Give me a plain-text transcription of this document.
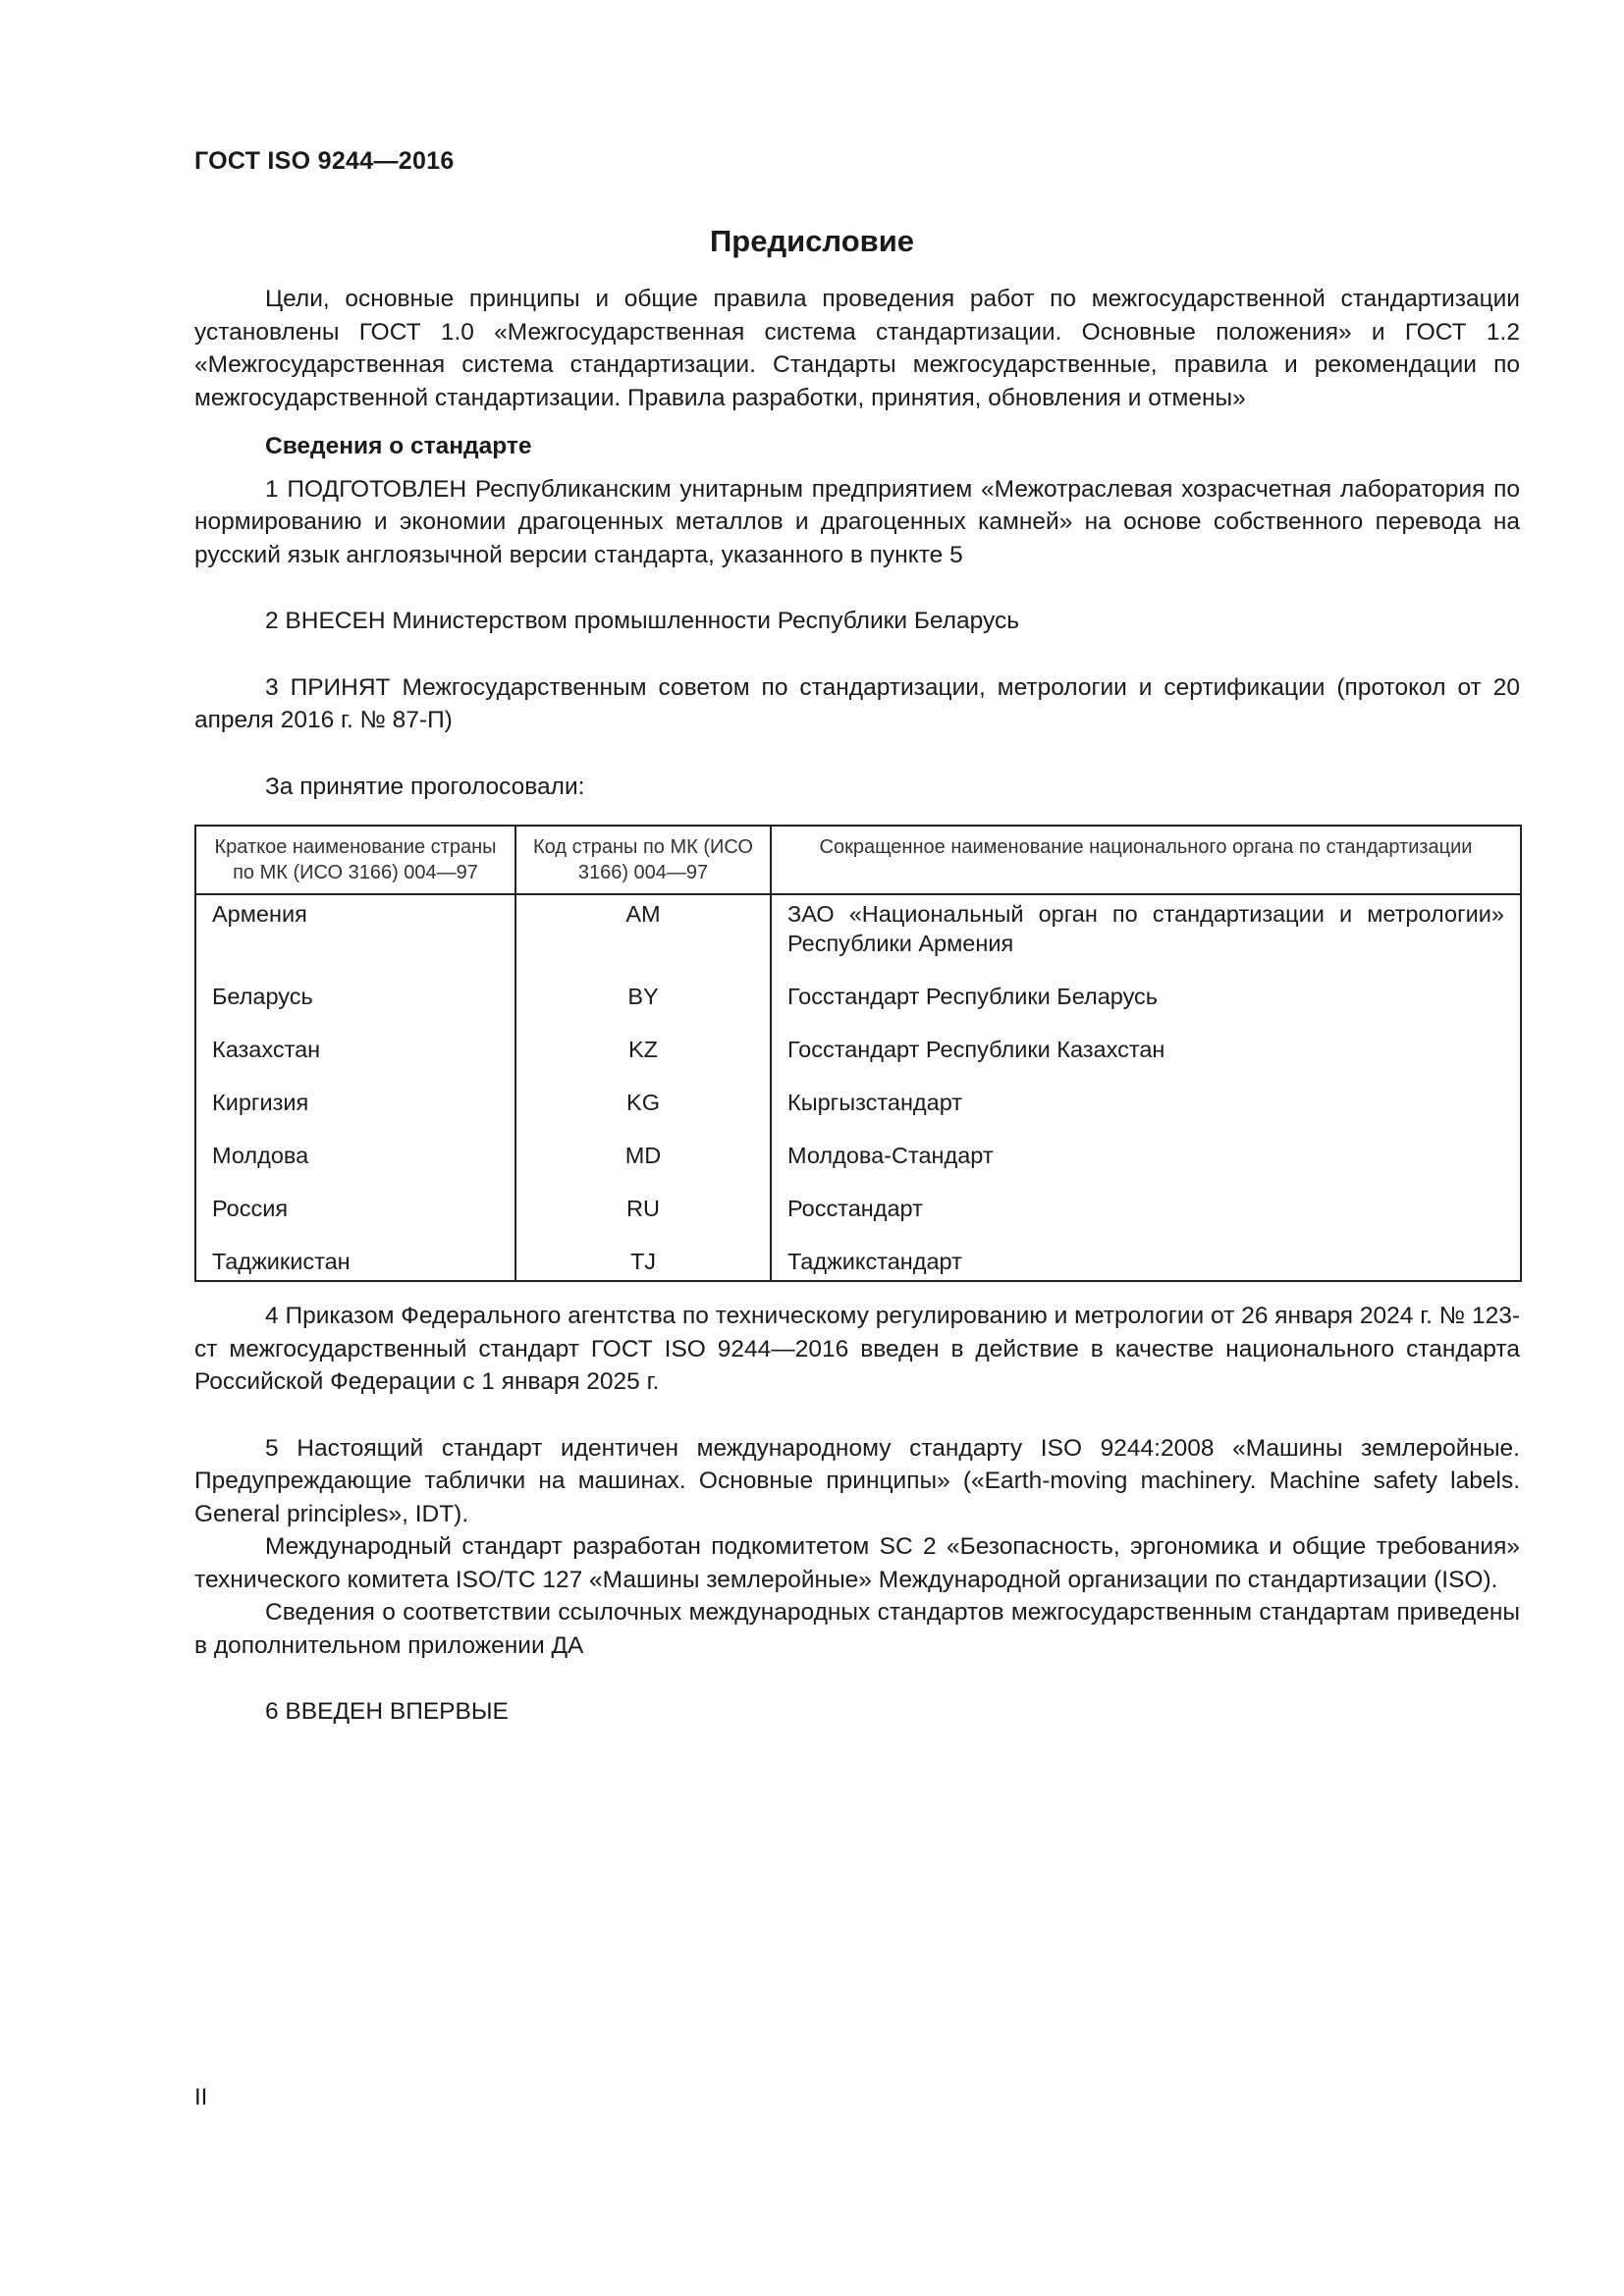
ГОСТ ISO 9244—2016
Предисловие

Цели, основные принципы и общие правила проведения работ по межгосударственной стандартизации установлены ГОСТ 1.0 «Межгосударственная система стандартизации. Основные положения» и ГОСТ 1.2 «Межгосударственная система стандартизации. Стандарты межгосударственные, правила и рекомендации по межгосударственной стандартизации. Правила разработки, принятия, обновления и отмены»

Сведения о стандарте

1 ПОДГОТОВЛЕН Республиканским унитарным предприятием «Межотраслевая хозрасчетная лаборатория по нормированию и экономии драгоценных металлов и драгоценных камней» на основе собственного перевода на русский язык англоязычной версии стандарта, указанного в пункте 5

2 ВНЕСЕН Министерством промышленности Республики Беларусь

3 ПРИНЯТ Межгосударственным советом по стандартизации, метрологии и сертификации (протокол от 20 апреля 2016 г. № 87-П)

За принятие проголосовали:

Краткое наименование страны по МК (ИСО 3166) 004—97	Код страны по МК (ИСО 3166) 004—97	Сокращенное наименование национального органа по стандартизации
Армения	AM	ЗАО «Национальный орган по стандартизации и метрологии» Республики Армения
Беларусь	BY	Госстандарт Республики Беларусь
Казахстан	KZ	Госстандарт Республики Казахстан
Киргизия	KG	Кыргызстандарт
Молдова	MD	Молдова-Стандарт
Россия	RU	Росстандарт
Таджикистан	TJ	Таджикстандарт

4 Приказом Федерального агентства по техническому регулированию и метрологии от 26 января 2024 г. № 123-ст межгосударственный стандарт ГОСТ ISO 9244—2016 введен в действие в качестве национального стандарта Российской Федерации с 1 января 2025 г.

5 Настоящий стандарт идентичен международному стандарту ISO 9244:2008 «Машины землеройные. Предупреждающие таблички на машинах. Основные принципы» («Earth-moving machinery. Machine safety labels. General principles», IDT).

Международный стандарт разработан подкомитетом SC 2 «Безопасность, эргономика и общие требования» технического комитета ISO/TC 127 «Машины землеройные» Международной организации по стандартизации (ISO).

Сведения о соответствии ссылочных международных стандартов межгосударственным стандартам приведены в дополнительном приложении ДА

6 ВВЕДЕН ВПЕРВЫЕ

II
